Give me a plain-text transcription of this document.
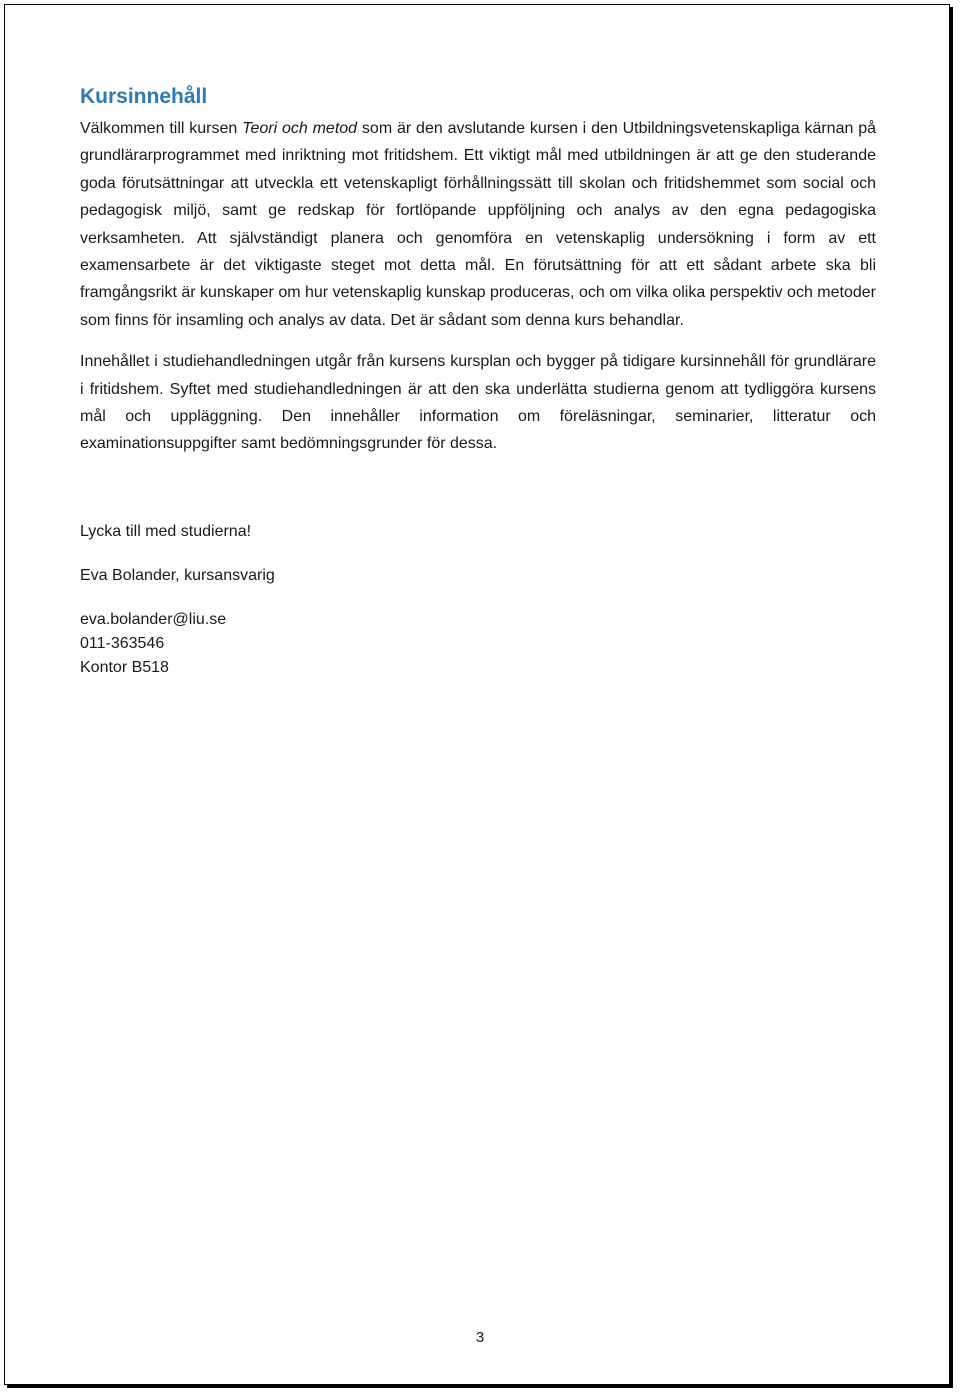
Kursinnehåll

Välkommen till kursen Teori och metod som är den avslutande kursen i den Utbildningsvetenskapliga kärnan på grundlärarprogrammet med inriktning mot fritidshem. Ett viktigt mål med utbildningen är att ge den studerande goda förutsättningar att utveckla ett vetenskapligt förhållningssätt till skolan och fritidshemmet som social och pedagogisk miljö, samt ge redskap för fortlöpande uppföljning och analys av den egna pedagogiska verksamheten. Att självständigt planera och genomföra en vetenskaplig undersökning i form av ett examensarbete är det viktigaste steget mot detta mål. En förutsättning för att ett sådant arbete ska bli framgångsrikt är kunskaper om hur vetenskaplig kunskap produceras, och om vilka olika perspektiv och metoder som finns för insamling och analys av data. Det är sådant som denna kurs behandlar.

Innehållet i studiehandledningen utgår från kursens kursplan och bygger på tidigare kursinnehåll för grundlärare i fritidshem. Syftet med studiehandledningen är att den ska underlätta studierna genom att tydliggöra kursens mål och uppläggning. Den innehåller information om föreläsningar, seminarier, litteratur och examinationsuppgifter samt bedömningsgrunder för dessa.

Lycka till med studierna!

Eva Bolander, kursansvarig

eva.bolander@liu.se
011-363546
Kontor B518
3
